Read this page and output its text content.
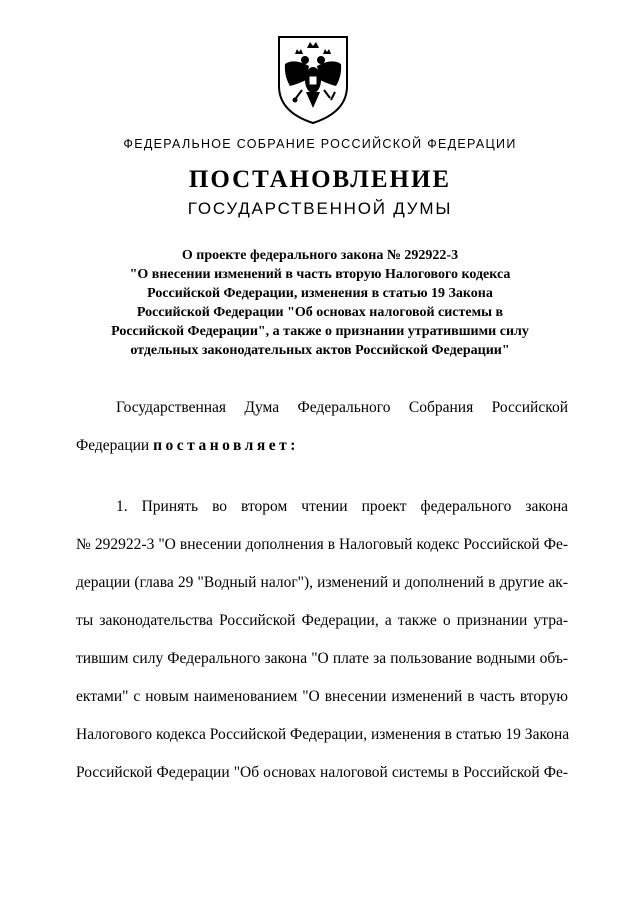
ФЕДЕРАЛЬНОЕ СОБРАНИЕ РОССИЙСКОЙ ФЕДЕРАЦИИ
ПОСТАНОВЛЕНИЕ
ГОСУДАРСТВЕННОЙ ДУМЫ
О проекте федерального закона № 292922-3
"О внесении изменений в часть вторую Налогового кодекса
Российской Федерации, изменения в статью 19 Закона
Российской Федерации "Об основах налоговой системы в
Российской Федерации", а также о признании утратившими силу
отдельных законодательных актов Российской Федерации"
Государственная Дума Федерального Собрания Российской
Федерации постановляет:
1. Принять во втором чтении проект федерального закона
№ 292922-3 "О внесении дополнения в Налоговый кодекс Российской Фе-
дерации (глава 29 "Водный налог"), изменений и дополнений в другие ак-
ты законодательства Российской Федерации, а также о признании утра-
тившим силу Федерального закона "О плате за пользование водными объ-
ектами" с новым наименованием "О внесении изменений в часть вторую
Налогового кодекса Российской Федерации, изменения в статью 19 Закона
Российской Федерации "Об основах налоговой системы в Российской Фе-
